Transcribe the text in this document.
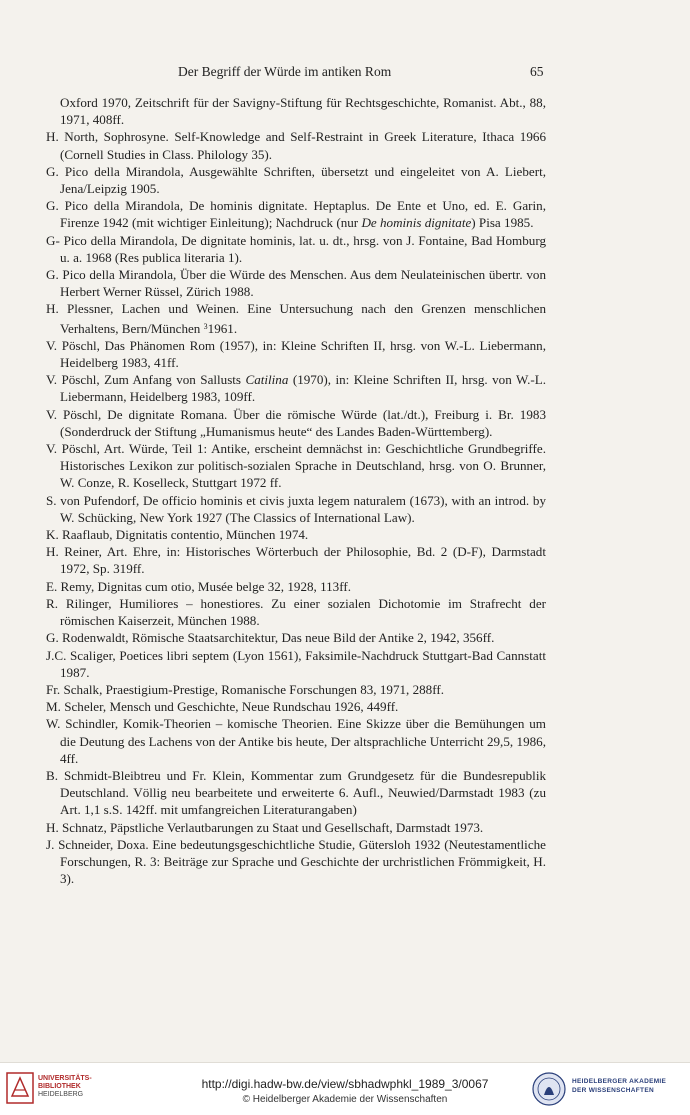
Der Begriff der Würde im antiken Rom	65

Oxford 1970, Zeitschrift für der Savigny-Stiftung für Rechtsgeschichte, Romanist. Abt., 88, 1971, 408ff.

H. North, Sophrosyne. Self-Knowledge and Self-Restraint in Greek Literature, Ithaca 1966 (Cornell Studies in Class. Philology 35).

G. Pico della Mirandola, Ausgewählte Schriften, übersetzt und eingeleitet von A. Liebert, Jena/Leipzig 1905.

G. Pico della Mirandola, De hominis dignitate. Heptaplus. De Ente et Uno, ed. E. Garin, Firenze 1942 (mit wichtiger Einleitung); Nachdruck (nur De hominis dignitate) Pisa 1985.

G- Pico della Mirandola, De dignitate hominis, lat. u. dt., hrsg. von J. Fontaine, Bad Homburg u. a. 1968 (Res publica literaria 1).

G. Pico della Mirandola, Über die Würde des Menschen. Aus dem Neulateinischen übertr. von Herbert Werner Rüssel, Zürich 1988.

H. Plessner, Lachen und Weinen. Eine Untersuchung nach den Grenzen menschlichen Verhaltens, Bern/München $^3$1961.

V. Pöschl, Das Phänomen Rom (1957), in: Kleine Schriften II, hrsg. von W.-L. Liebermann, Heidelberg 1983, 41ff.

V. Pöschl, Zum Anfang von Sallusts Catilina (1970), in: Kleine Schriften II, hrsg. von W.-L. Liebermann, Heidelberg 1983, 109ff.

V. Pöschl, De dignitate Romana. Über die römische Würde (lat./dt.), Freiburg i. Br. 1983 (Sonderdruck der Stiftung „Humanismus heute“ des Landes Baden-Württemberg).

V. Pöschl, Art. Würde, Teil 1: Antike, erscheint demnächst in: Geschichtliche Grundbegriffe. Historisches Lexikon zur politisch-sozialen Sprache in Deutschland, hrsg. von O. Brunner, W. Conze, R. Koselleck, Stuttgart 1972 ff.

S. von Pufendorf, De officio hominis et civis juxta legem naturalem (1673), with an introd. by W. Schücking, New York 1927 (The Classics of International Law).

K. Raaflaub, Dignitatis contentio, München 1974.

H. Reiner, Art. Ehre, in: Historisches Wörterbuch der Philosophie, Bd. 2 (D-F), Darmstadt 1972, Sp. 319ff.

E. Remy, Dignitas cum otio, Musée belge 32, 1928, 113ff.

R. Rilinger, Humiliores – honestiores. Zu einer sozialen Dichotomie im Strafrecht der römischen Kaiserzeit, München 1988.

G. Rodenwaldt, Römische Staatsarchitektur, Das neue Bild der Antike 2, 1942, 356ff.

J.C. Scaliger, Poetices libri septem (Lyon 1561), Faksimile-Nachdruck Stuttgart-Bad Cannstatt 1987.

Fr. Schalk, Praestigium-Prestige, Romanische Forschungen 83, 1971, 288ff.

M. Scheler, Mensch und Geschichte, Neue Rundschau 1926, 449ff.

W. Schindler, Komik-Theorien – komische Theorien. Eine Skizze über die Bemühungen um die Deutung des Lachens von der Antike bis heute, Der altsprachliche Unterricht 29,5, 1986, 4ff.

B. Schmidt-Bleibtreu und Fr. Klein, Kommentar zum Grundgesetz für die Bundesrepublik Deutschland. Völlig neu bearbeitete und erweiterte 6. Aufl., Neuwied/Darmstadt 1983 (zu Art. 1,1 s.S. 142ff. mit umfangreichen Literaturangaben)

H. Schnatz, Päpstliche Verlautbarungen zu Staat und Gesellschaft, Darmstadt 1973.

J. Schneider, Doxa. Eine bedeutungsgeschichtliche Studie, Gütersloh 1932 (Neutestamentliche Forschungen, R. 3: Beiträge zur Sprache und Geschichte der urchristlichen Frömmigkeit, H. 3).

UNIVERSITÄTS-
BIBLIOTHEK
HEIDELBERG
http://digi.hadw-bw.de/view/sbhadwphkl_1989_3/0067
© Heidelberger Akademie der Wissenschaften
HEIDELBERGER AKADEMIE
DER WISSENSCHAFTEN
